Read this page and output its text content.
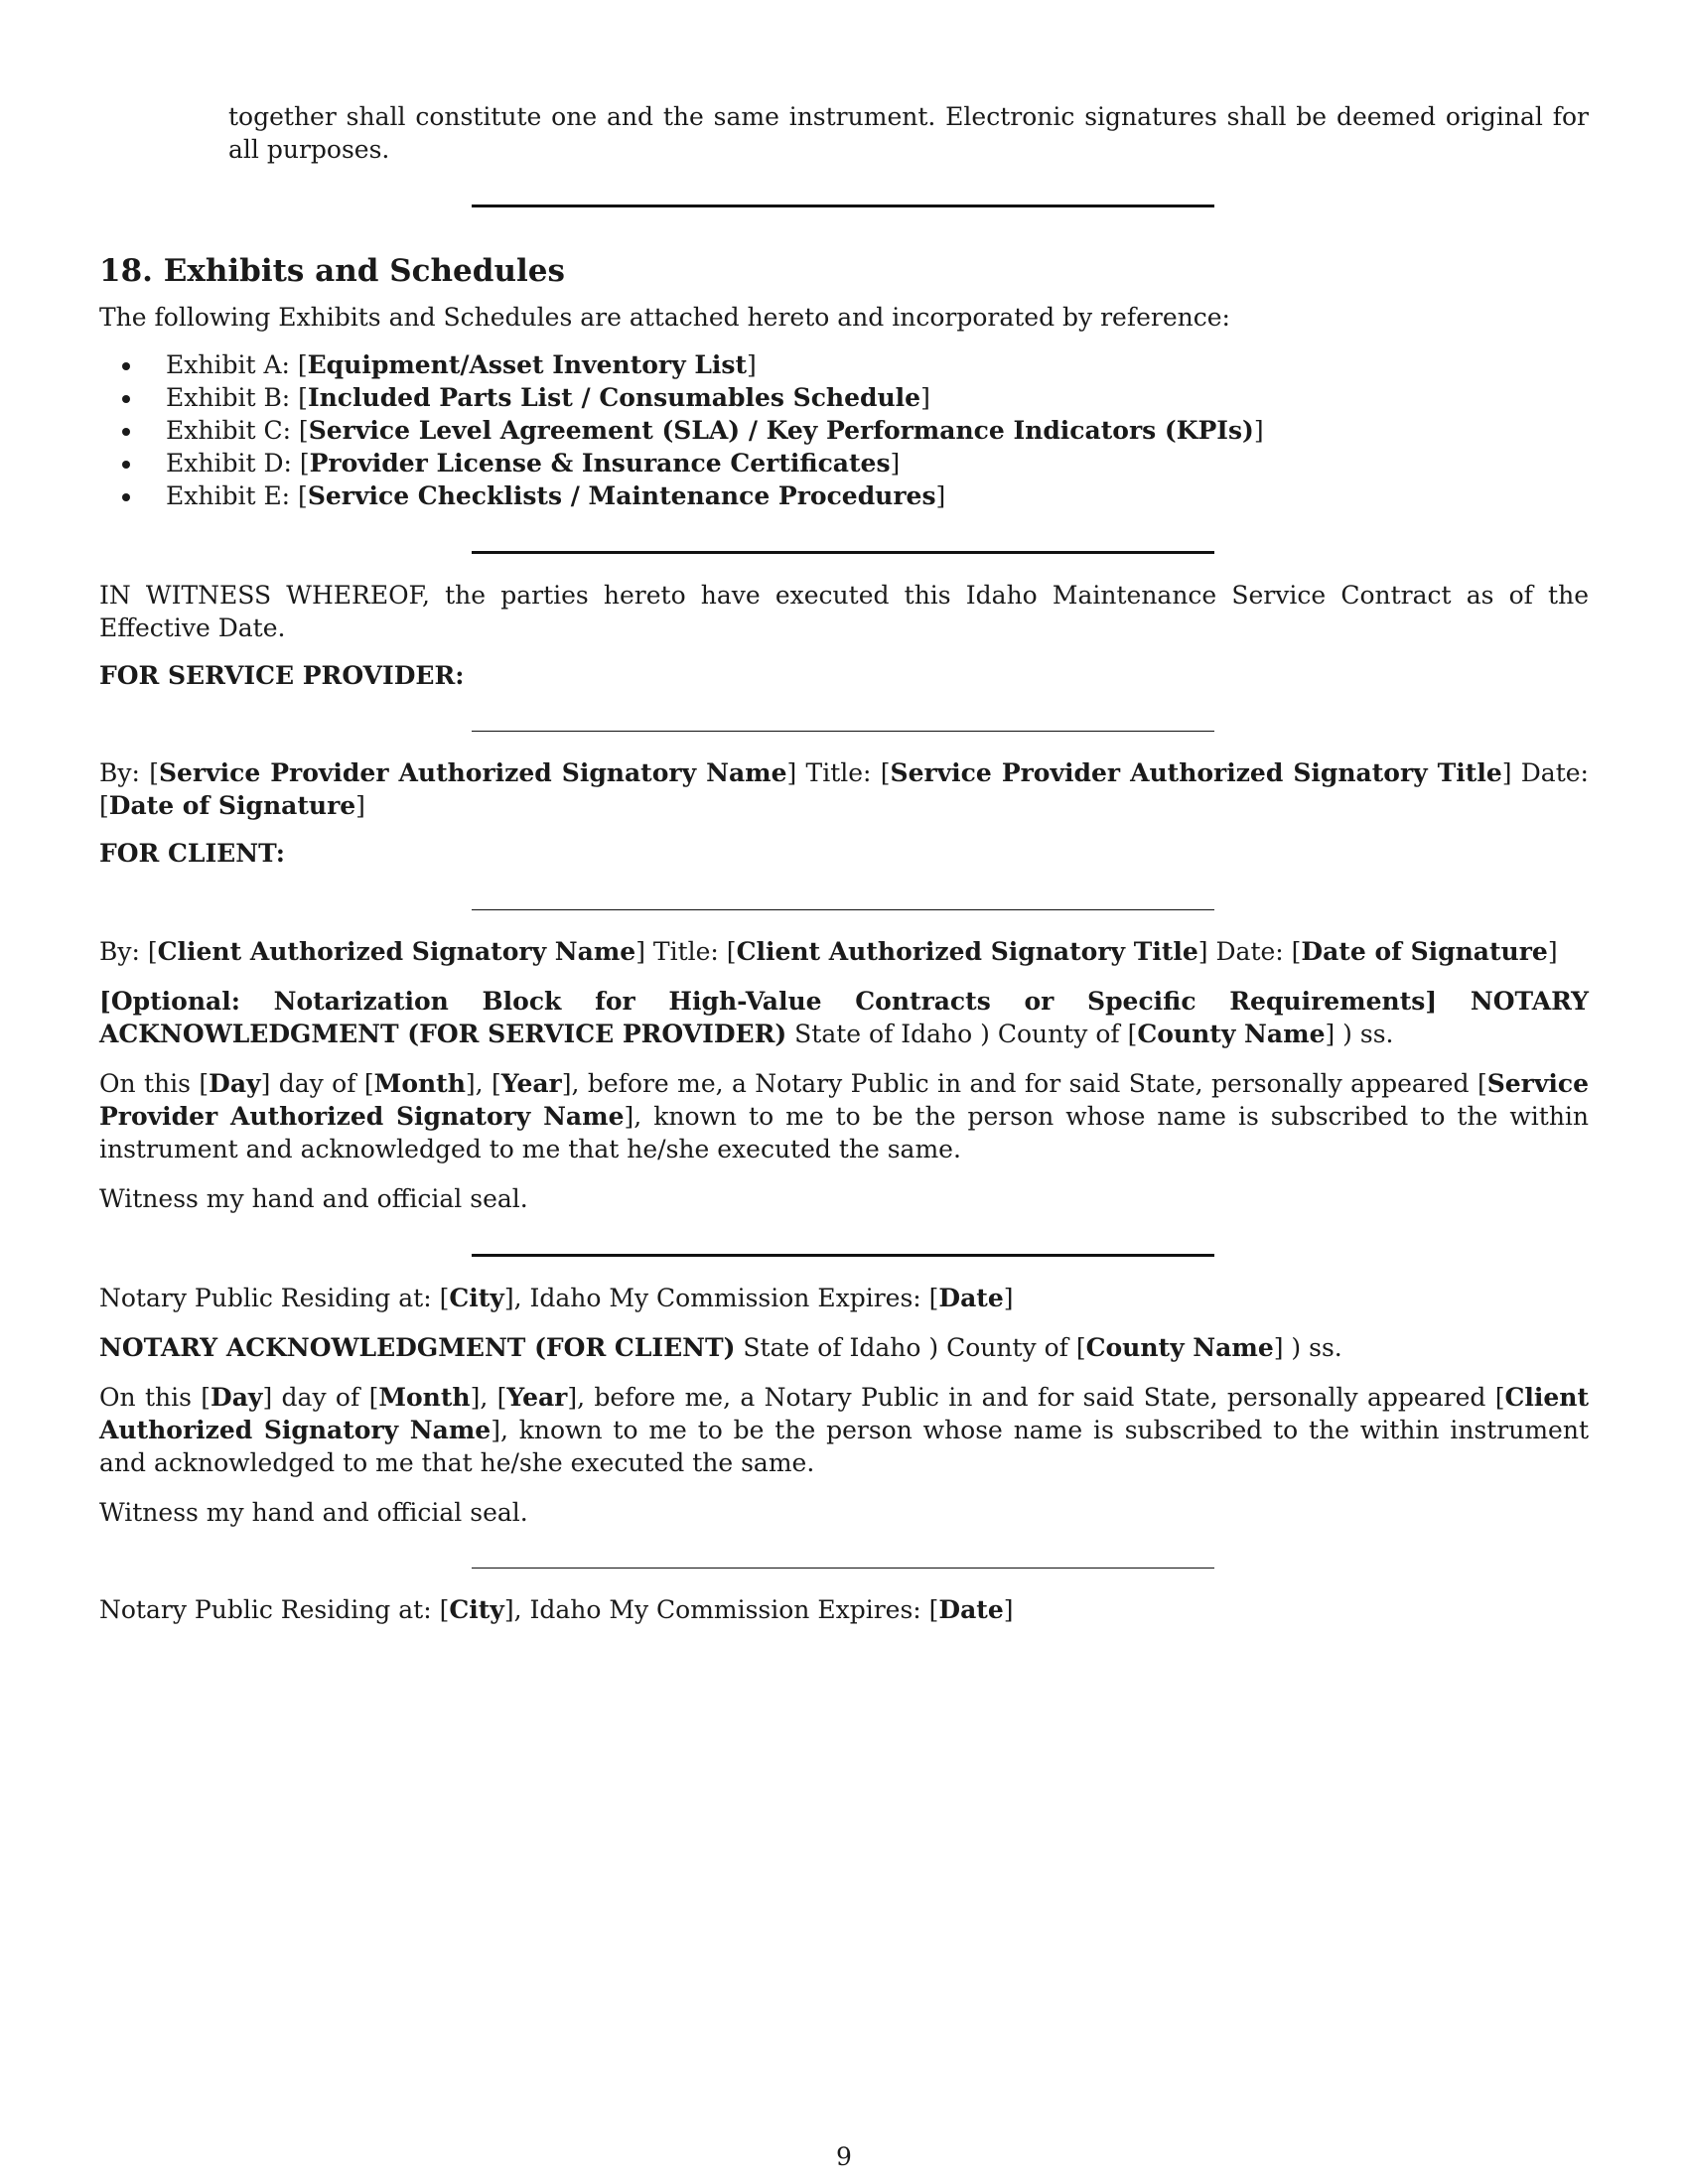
together shall constitute one and the same instrument. Electronic signatures shall be deemed original for all purposes.

18. Exhibits and Schedules

The following Exhibits and Schedules are attached hereto and incorporated by reference:

• Exhibit A: [Equipment/Asset Inventory List]
• Exhibit B: [Included Parts List / Consumables Schedule]
• Exhibit C: [Service Level Agreement (SLA) / Key Performance Indicators (KPIs)]
• Exhibit D: [Provider License & Insurance Certificates]
• Exhibit E: [Service Checklists / Maintenance Procedures]

IN WITNESS WHEREOF, the parties hereto have executed this Idaho Maintenance Service Contract as of the Effective Date.

FOR SERVICE PROVIDER:

By: [Service Provider Authorized Signatory Name] Title: [Service Provider Authorized Signatory Title] Date: [Date of Signature]

FOR CLIENT:

By: [Client Authorized Signatory Name] Title: [Client Authorized Signatory Title] Date: [Date of Signature]

[Optional: Notarization Block for High-Value Contracts or Specific Requirements] NOTARY ACKNOWLEDGMENT (FOR SERVICE PROVIDER) State of Idaho ) County of [County Name] ) ss.

On this [Day] day of [Month], [Year], before me, a Notary Public in and for said State, personally appeared [Service Provider Authorized Signatory Name], known to me to be the person whose name is subscribed to the within instrument and acknowledged to me that he/she executed the same.

Witness my hand and official seal.

Notary Public Residing at: [City], Idaho My Commission Expires: [Date]

NOTARY ACKNOWLEDGMENT (FOR CLIENT) State of Idaho ) County of [County Name] ) ss.

On this [Day] day of [Month], [Year], before me, a Notary Public in and for said State, personally appeared [Client Authorized Signatory Name], known to me to be the person whose name is subscribed to the within instrument and acknowledged to me that he/she executed the same.

Witness my hand and official seal.

Notary Public Residing at: [City], Idaho My Commission Expires: [Date]

9
